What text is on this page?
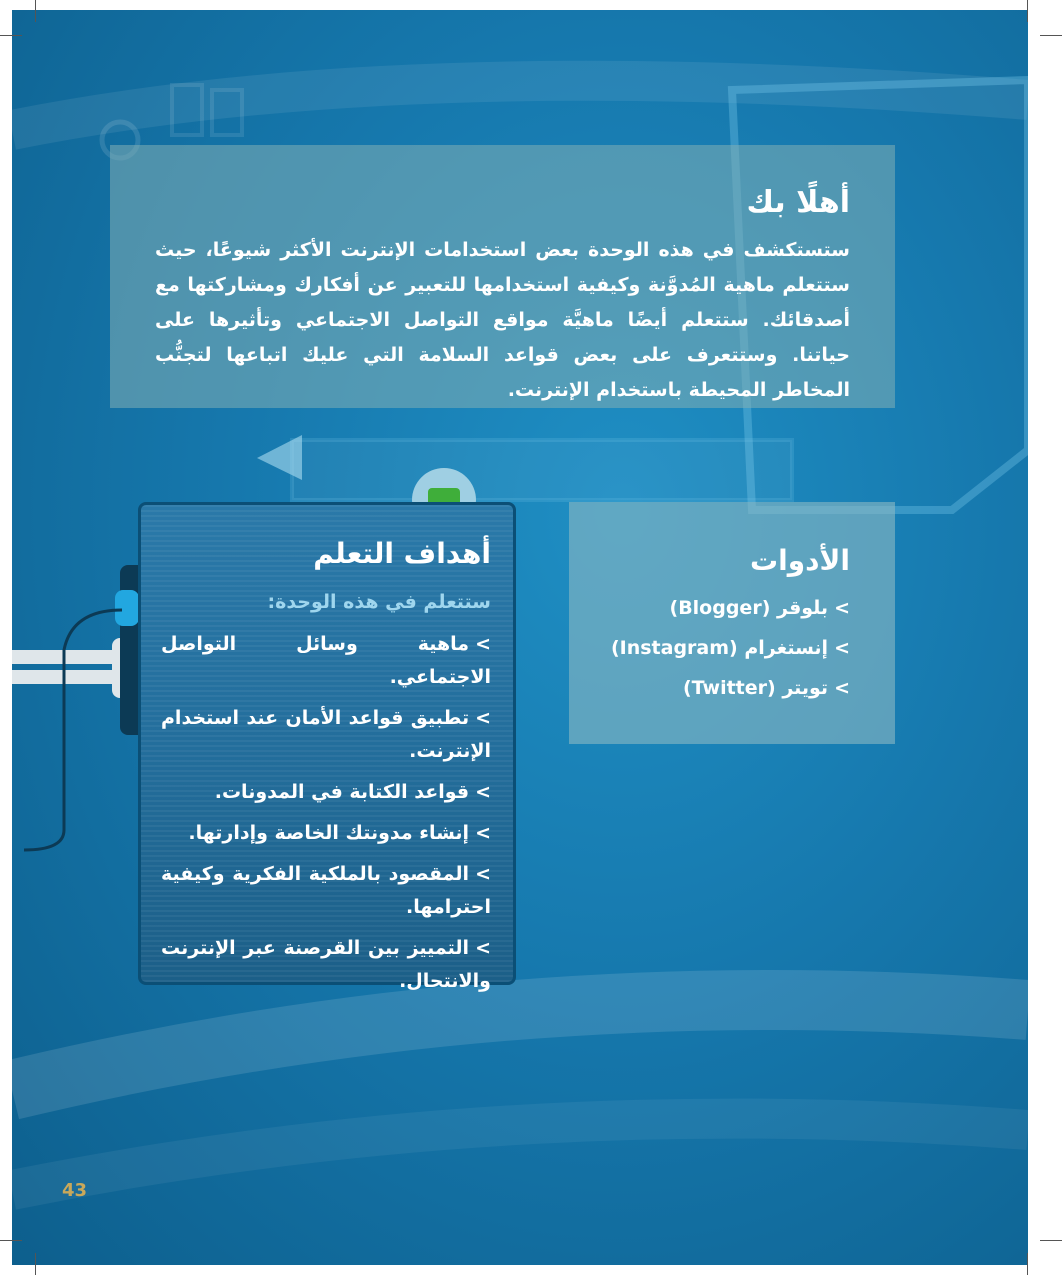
أهلًا بك

ستستكشف في هذه الوحدة بعض استخدامات الإنترنت الأكثر شيوعًا، حيث ستتعلم ماهية المُدوَّنة وكيفية استخدامها للتعبير عن أفكارك ومشاركتها مع أصدقائك. ستتعلم أيضًا ماهيَّة مواقع التواصل الاجتماعي وتأثيرها على حياتنا. وستتعرف على بعض قواعد السلامة التي عليك اتباعها لتجنُّب المخاطر المحيطة باستخدام الإنترنت.

الأدوات
>بلوقر (Blogger)
>إنستغرام (Instagram)
>تويتر (Twitter)
أهداف التعلم

ستتعلم في هذه الوحدة:

>ماهية وسائل التواصل الاجتماعي.
>تطبيق قواعد الأمان عند استخدام الإنترنت.
>قواعد الكتابة في المدونات.
>إنشاء مدونتك الخاصة وإدارتها.
>المقصود بالملكية الفكرية وكيفية احترامها.
>التمييز بين القرصنة عبر الإنترنت والانتحال.
43
